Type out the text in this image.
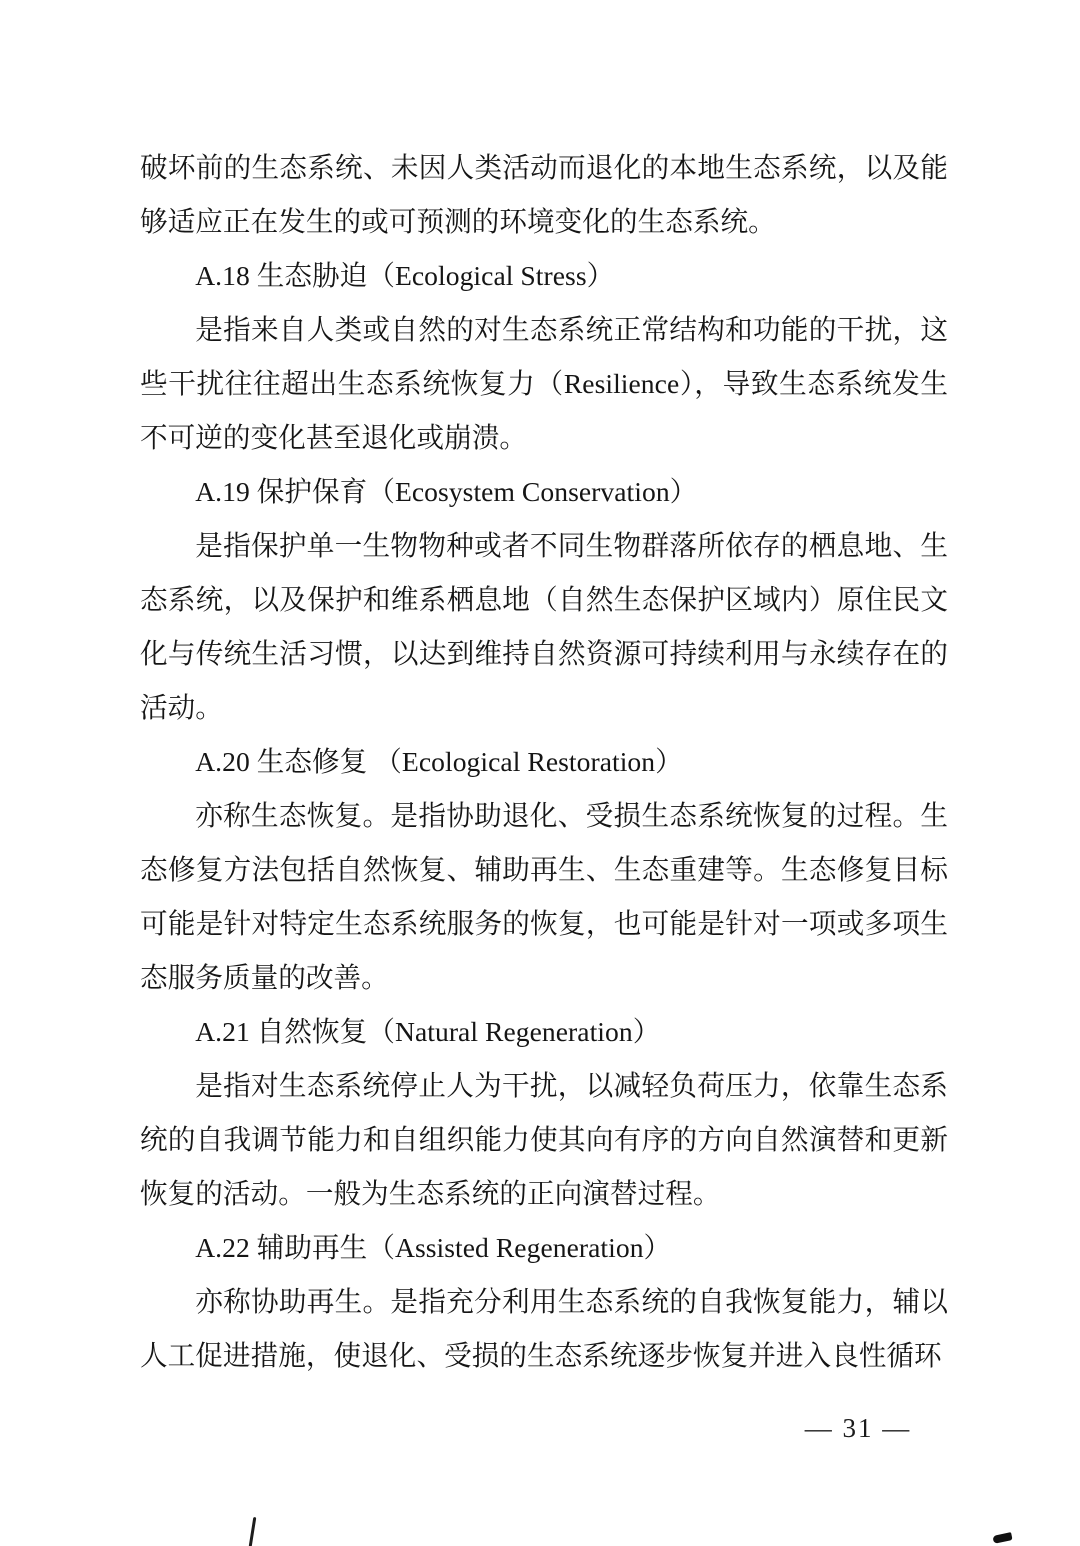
破坏前的生态系统、未因人类活动而退化的本地生态系统，以及能够适应正在发生的或可预测的环境变化的生态系统。

A.18 生态胁迫（Ecological Stress）

是指来自人类或自然的对生态系统正常结构和功能的干扰，这些干扰往往超出生态系统恢复力（Resilience），导致生态系统发生不可逆的变化甚至退化或崩溃。

A.19 保护保育（Ecosystem Conservation）

是指保护单一生物物种或者不同生物群落所依存的栖息地、生态系统，以及保护和维系栖息地（自然生态保护区域内）原住民文化与传统生活习惯，以达到维持自然资源可持续利用与永续存在的活动。

A.20 生态修复 （Ecological Restoration）

亦称生态恢复。是指协助退化、受损生态系统恢复的过程。生态修复方法包括自然恢复、辅助再生、生态重建等。生态修复目标可能是针对特定生态系统服务的恢复，也可能是针对一项或多项生态服务质量的改善。

A.21 自然恢复（Natural Regeneration）

是指对生态系统停止人为干扰，以减轻负荷压力，依靠生态系统的自我调节能力和自组织能力使其向有序的方向自然演替和更新恢复的活动。一般为生态系统的正向演替过程。

A.22 辅助再生（Assisted Regeneration）

亦称协助再生。是指充分利用生态系统的自我恢复能力，辅以人工促进措施，使退化、受损的生态系统逐步恢复并进入良性循环

— 31 —
